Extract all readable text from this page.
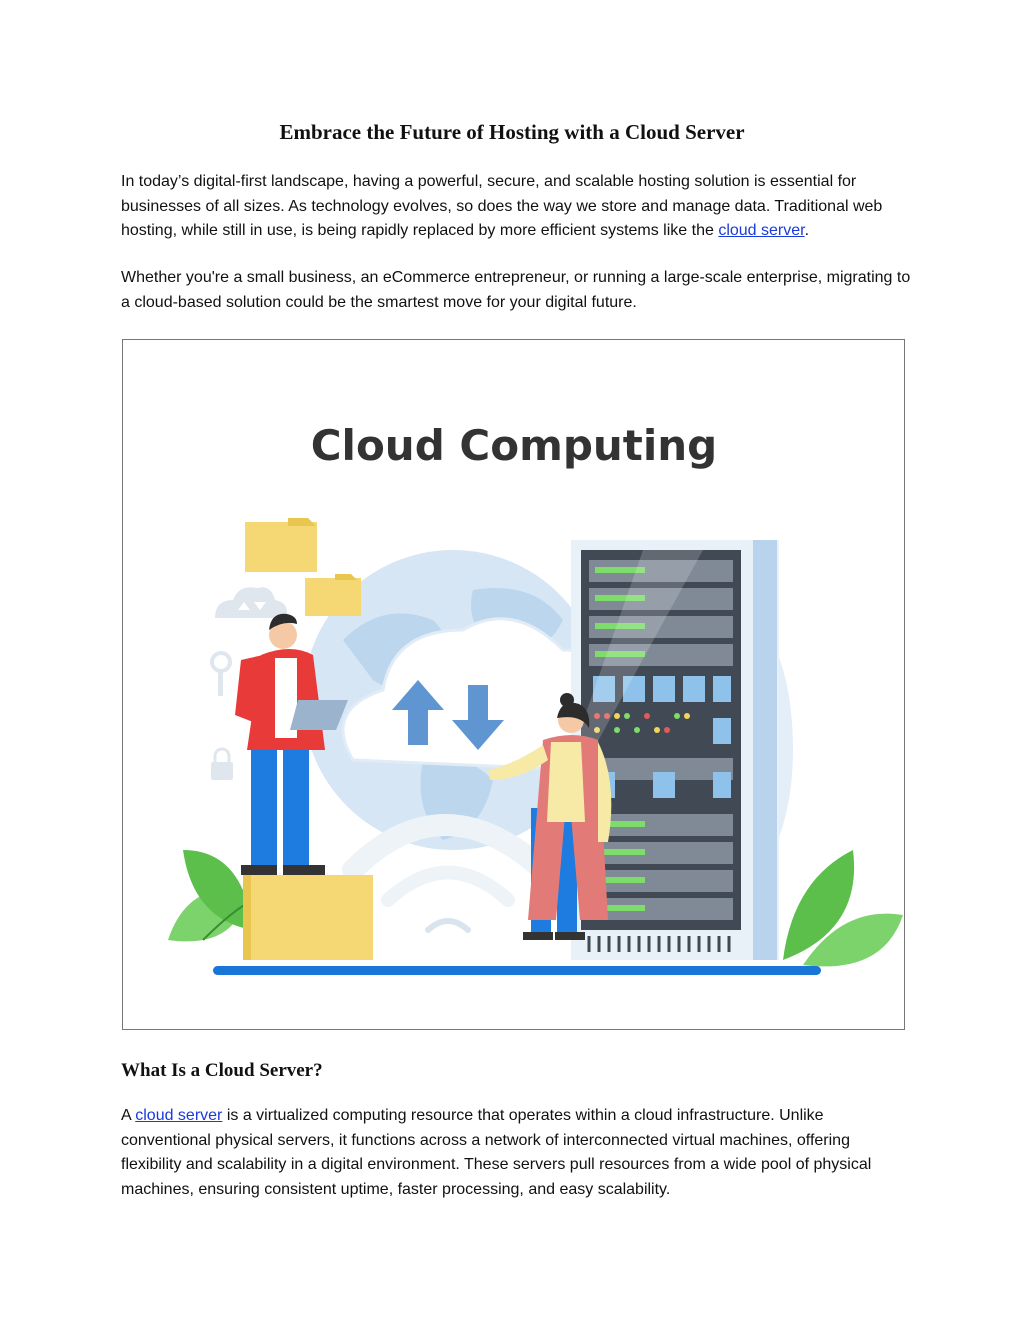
Embrace the Future of Hosting with a Cloud Server

In today’s digital-first landscape, having a powerful, secure, and scalable hosting solution is essential for businesses of all sizes. As technology evolves, so does the way we store and manage data. Traditional web hosting, while still in use, is being rapidly replaced by more efficient systems like the cloud server.

Whether you're a small business, an eCommerce entrepreneur, or running a large-scale enterprise, migrating to a cloud-based solution could be the smartest move for your digital future.

Cloud Computing
What Is a Cloud Server?

A cloud server is a virtualized computing resource that operates within a cloud infrastructure. Unlike conventional physical servers, it functions across a network of interconnected virtual machines, offering flexibility and scalability in a digital environment. These servers pull resources from a wide pool of physical machines, ensuring consistent uptime, faster processing, and easy scalability.
